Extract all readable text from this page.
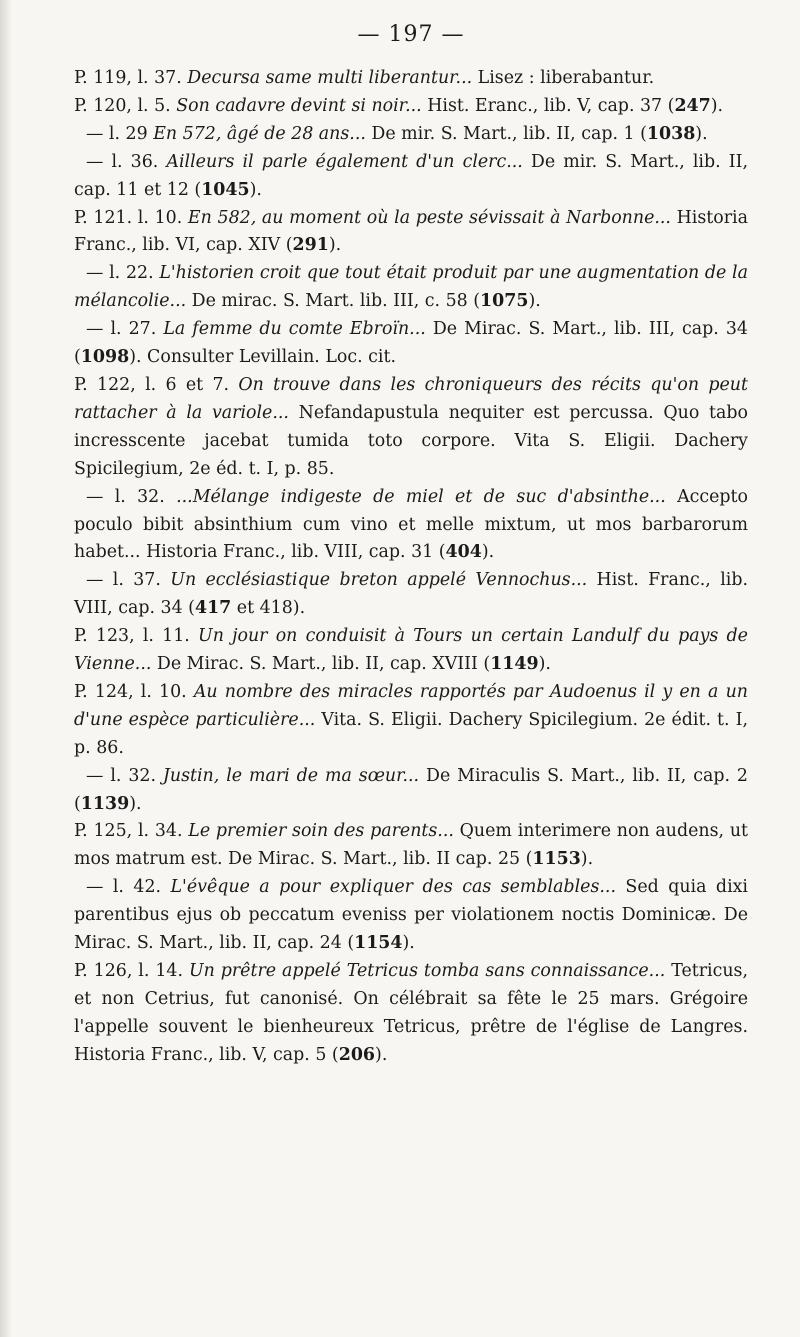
— 197 —

P. 119, l. 37. Decursa same multi liberantur... Lisez : liberabantur.

P. 120, l. 5. Son cadavre devint si noir... Hist. Eranc., lib. V, cap. 37 (247).

— l. 29 En 572, âgé de 28 ans... De mir. S. Mart., lib. II, cap. 1 (1038).

— l. 36. Ailleurs il parle également d'un clerc... De mir. S. Mart., lib. II, cap. 11 et 12 (1045).

P. 121. l. 10. En 582, au moment où la peste sévissait à Narbonne... Historia Franc., lib. VI, cap. XIV (291).

— l. 22. L'historien croit que tout était produit par une augmentation de la mélancolie... De mirac. S. Mart. lib. III, c. 58 (1075).

— l. 27. La femme du comte Ebroïn... De Mirac. S. Mart., lib. III, cap. 34 (1098). Consulter Levillain. Loc. cit.

P. 122, l. 6 et 7. On trouve dans les chroniqueurs des récits qu'on peut rattacher à la variole... Nefandapustula nequiter est percussa. Quo tabo incresscente jacebat tumida toto corpore. Vita S. Eligii. Dachery Spicilegium, 2e éd. t. I, p. 85.

— l. 32. ...Mélange indigeste de miel et de suc d'absinthe... Acceptо poculo bibit absinthium cum vino et melle mixtum, ut mos barbarorum habet... Historia Franc., lib. VIII, cap. 31 (404).

— l. 37. Un ecclésiastique breton appelé Vennochus... Hist. Franc., lib. VIII, cap. 34 (417 et 418).

P. 123, l. 11. Un jour on conduisit à Tours un certain Landulf du pays de Vienne... De Mirac. S. Mart., lib. II, cap. XVIII (1149).

P. 124, l. 10. Au nombre des miracles rapportés par Audoenus il y en a un d'une espèce particulière... Vita. S. Eligii. Dachery Spicilegium. 2e édit. t. I, p. 86.

— l. 32. Justin, le mari de ma sœur... De Miraculis S. Mart., lib. II, cap. 2 (1139).

P. 125, l. 34. Le premier soin des parents... Quem interimere non audens, ut mos matrum est. De Mirac. S. Mart., lib. II cap. 25 (1153).

— l. 42. L'évêque a pour expliquer des cas semblables... Sed quia dixi parentibus ejus ob peccatum eveniss per violationem noctis Dominicæ. De Mirac. S. Mart., lib. II, cap. 24 (1154).

P. 126, l. 14. Un prêtre appelé Tetricus tomba sans connaissance... Tetricus, et non Cetrius, fut canonisé. On célébrait sa fête le 25 mars. Grégoire l'appelle souvent le bienheureux Tetricus, prêtre de l'église de Langres. Historia Franc., lib. V, cap. 5 (206).
